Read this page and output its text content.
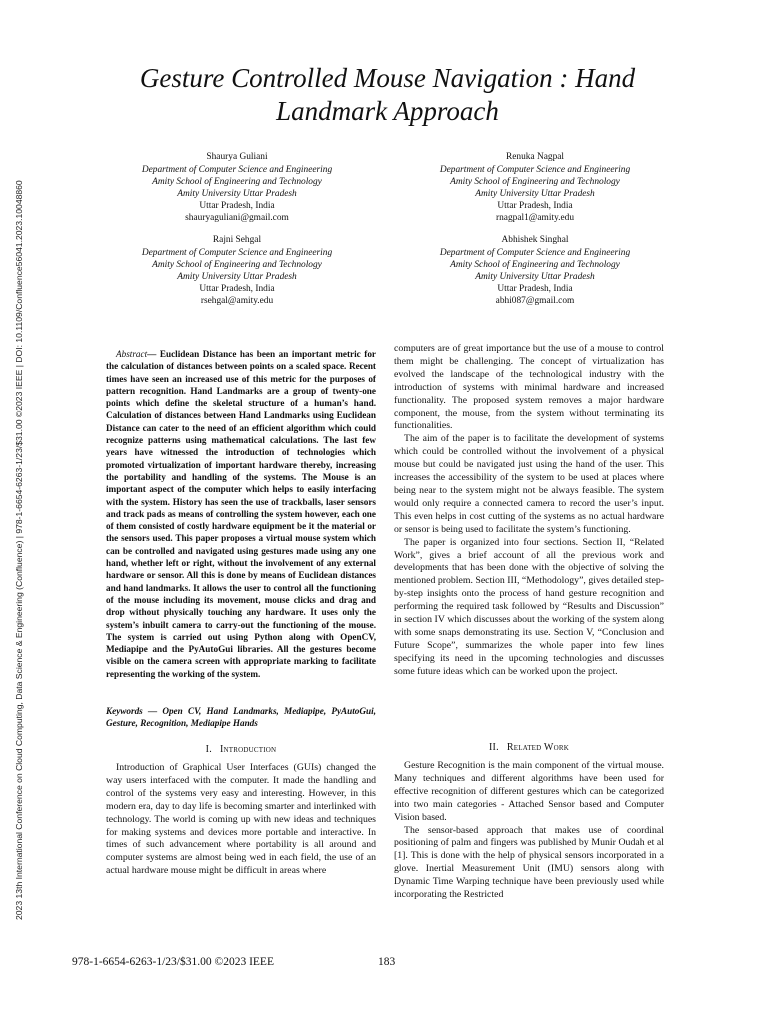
2023 13th International Conference on Cloud Computing, Data Science & Engineering (Confluence) | 978-1-6654-6263-1/23/$31.00 ©2023 IEEE | DOI: 10.1109/Confluence56041.2023.10048860
Gesture Controlled Mouse Navigation : Hand Landmark Approach
Shaurya Guliani
Department of Computer Science and Engineering
Amity School of Engineering and Technology
Amity University Uttar Pradesh
Uttar Pradesh, India
shauryaguliani@gmail.com
Renuka Nagpal
Department of Computer Science and Engineering
Amity School of Engineering and Technology
Amity University Uttar Pradesh
Uttar Pradesh, India
rnagpal1@amity.edu
Rajni Sehgal
Department of Computer Science and Engineering
Amity School of Engineering and Technology
Amity University Uttar Pradesh
Uttar Pradesh, India
rsehgal@amity.edu
Abhishek Singhal
Department of Computer Science and Engineering
Amity School of Engineering and Technology
Amity University Uttar Pradesh
Uttar Pradesh, India
abhi087@gmail.com

Abstract— Euclidean Distance has been an important metric for the calculation of distances between points on a scaled space. Recent times have seen an increased use of this metric for the purposes of pattern recognition. Hand Landmarks are a group of twenty-one points which define the skeletal structure of a human’s hand. Calculation of distances between Hand Landmarks using Euclidean Distance can cater to the need of an efficient algorithm which could recognize patterns using mathematical calculations. The last few years have witnessed the introduction of technologies which promoted virtualization of important hardware thereby, increasing the portability and handling of the systems. The Mouse is an important aspect of the computer which helps to easily interfacing with the system. History has seen the use of trackballs, laser sensors and track pads as means of controlling the system however, each one of them consisted of costly hardware equipment be it the material or the sensors used. This paper proposes a virtual mouse system which can be controlled and navigated using gestures made using any one hand, whether left or right, without the involvement of any external hardware or sensor. All this is done by means of Euclidean distances and hand landmarks. It allows the user to control all the functioning of the mouse including its movement, mouse clicks and drag and drop without physically touching any hardware. It uses only the system’s inbuilt camera to carry-out the functioning of the mouse. The system is carried out using Python along with OpenCV, Mediapipe and the PyAutoGui libraries. All the gestures become visible on the camera screen with appropriate marking to facilitate representing the working of the system.

Keywords — Open CV, Hand Landmarks, Mediapipe, PyAutoGui, Gesture, Recognition, Mediapipe Hands

I. Introduction

Introduction of Graphical User Interfaces (GUIs) changed the way users interfaced with the computer. It made the handling and control of the systems very easy and interesting. However, in this modern era, day to day life is becoming smarter and interlinked with technology. The world is coming up with new ideas and techniques for making systems and devices more portable and interactive. In times of such advancement where portability is all around and computer systems are almost being wed in each field, the use of an actual hardware mouse might be difficult in areas where

computers are of great importance but the use of a mouse to control them might be challenging. The concept of virtualization has evolved the landscape of the technological industry with the introduction of systems with minimal hardware and increased functionality. The proposed system removes a major hardware component, the mouse, from the system without terminating its functionalities.

The aim of the paper is to facilitate the development of systems which could be controlled without the involvement of a physical mouse but could be navigated just using the hand of the user. This increases the accessibility of the system to be used at places where being near to the system might not be always feasible. The system would only require a connected camera to record the user’s input. This even helps in cost cutting of the systems as no actual hardware or sensor is being used to facilitate the system’s functioning.

The paper is organized into four sections. Section II, “Related Work”, gives a brief account of all the previous work and developments that has been done with the objective of solving the mentioned problem. Section III, “Methodology”, gives detailed step-by-step insights onto the process of hand gesture recognition and performing the required task followed by “Results and Discussion” in section IV which discusses about the working of the system along with some snaps demonstrating its use. Section V, “Conclusion and Future Scope”, summarizes the whole paper into few lines specifying its need in the upcoming technologies and discusses some future ideas which can be worked upon the project.

II. Related Work

Gesture Recognition is the main component of the virtual mouse. Many techniques and different algorithms have been used for effective recognition of different gestures which can be categorized into two main categories - Attached Sensor based and Computer Vision based.

The sensor-based approach that makes use of coordinal positioning of palm and fingers was published by Munir Oudah et al [1]. This is done with the help of physical sensors incorporated in a glove. Inertial Measurement Unit (IMU) sensors along with Dynamic Time Warping technique have been previously used while incorporating the Restricted

978-1-6654-6263-1/23/$31.00 ©2023 IEEE	183
